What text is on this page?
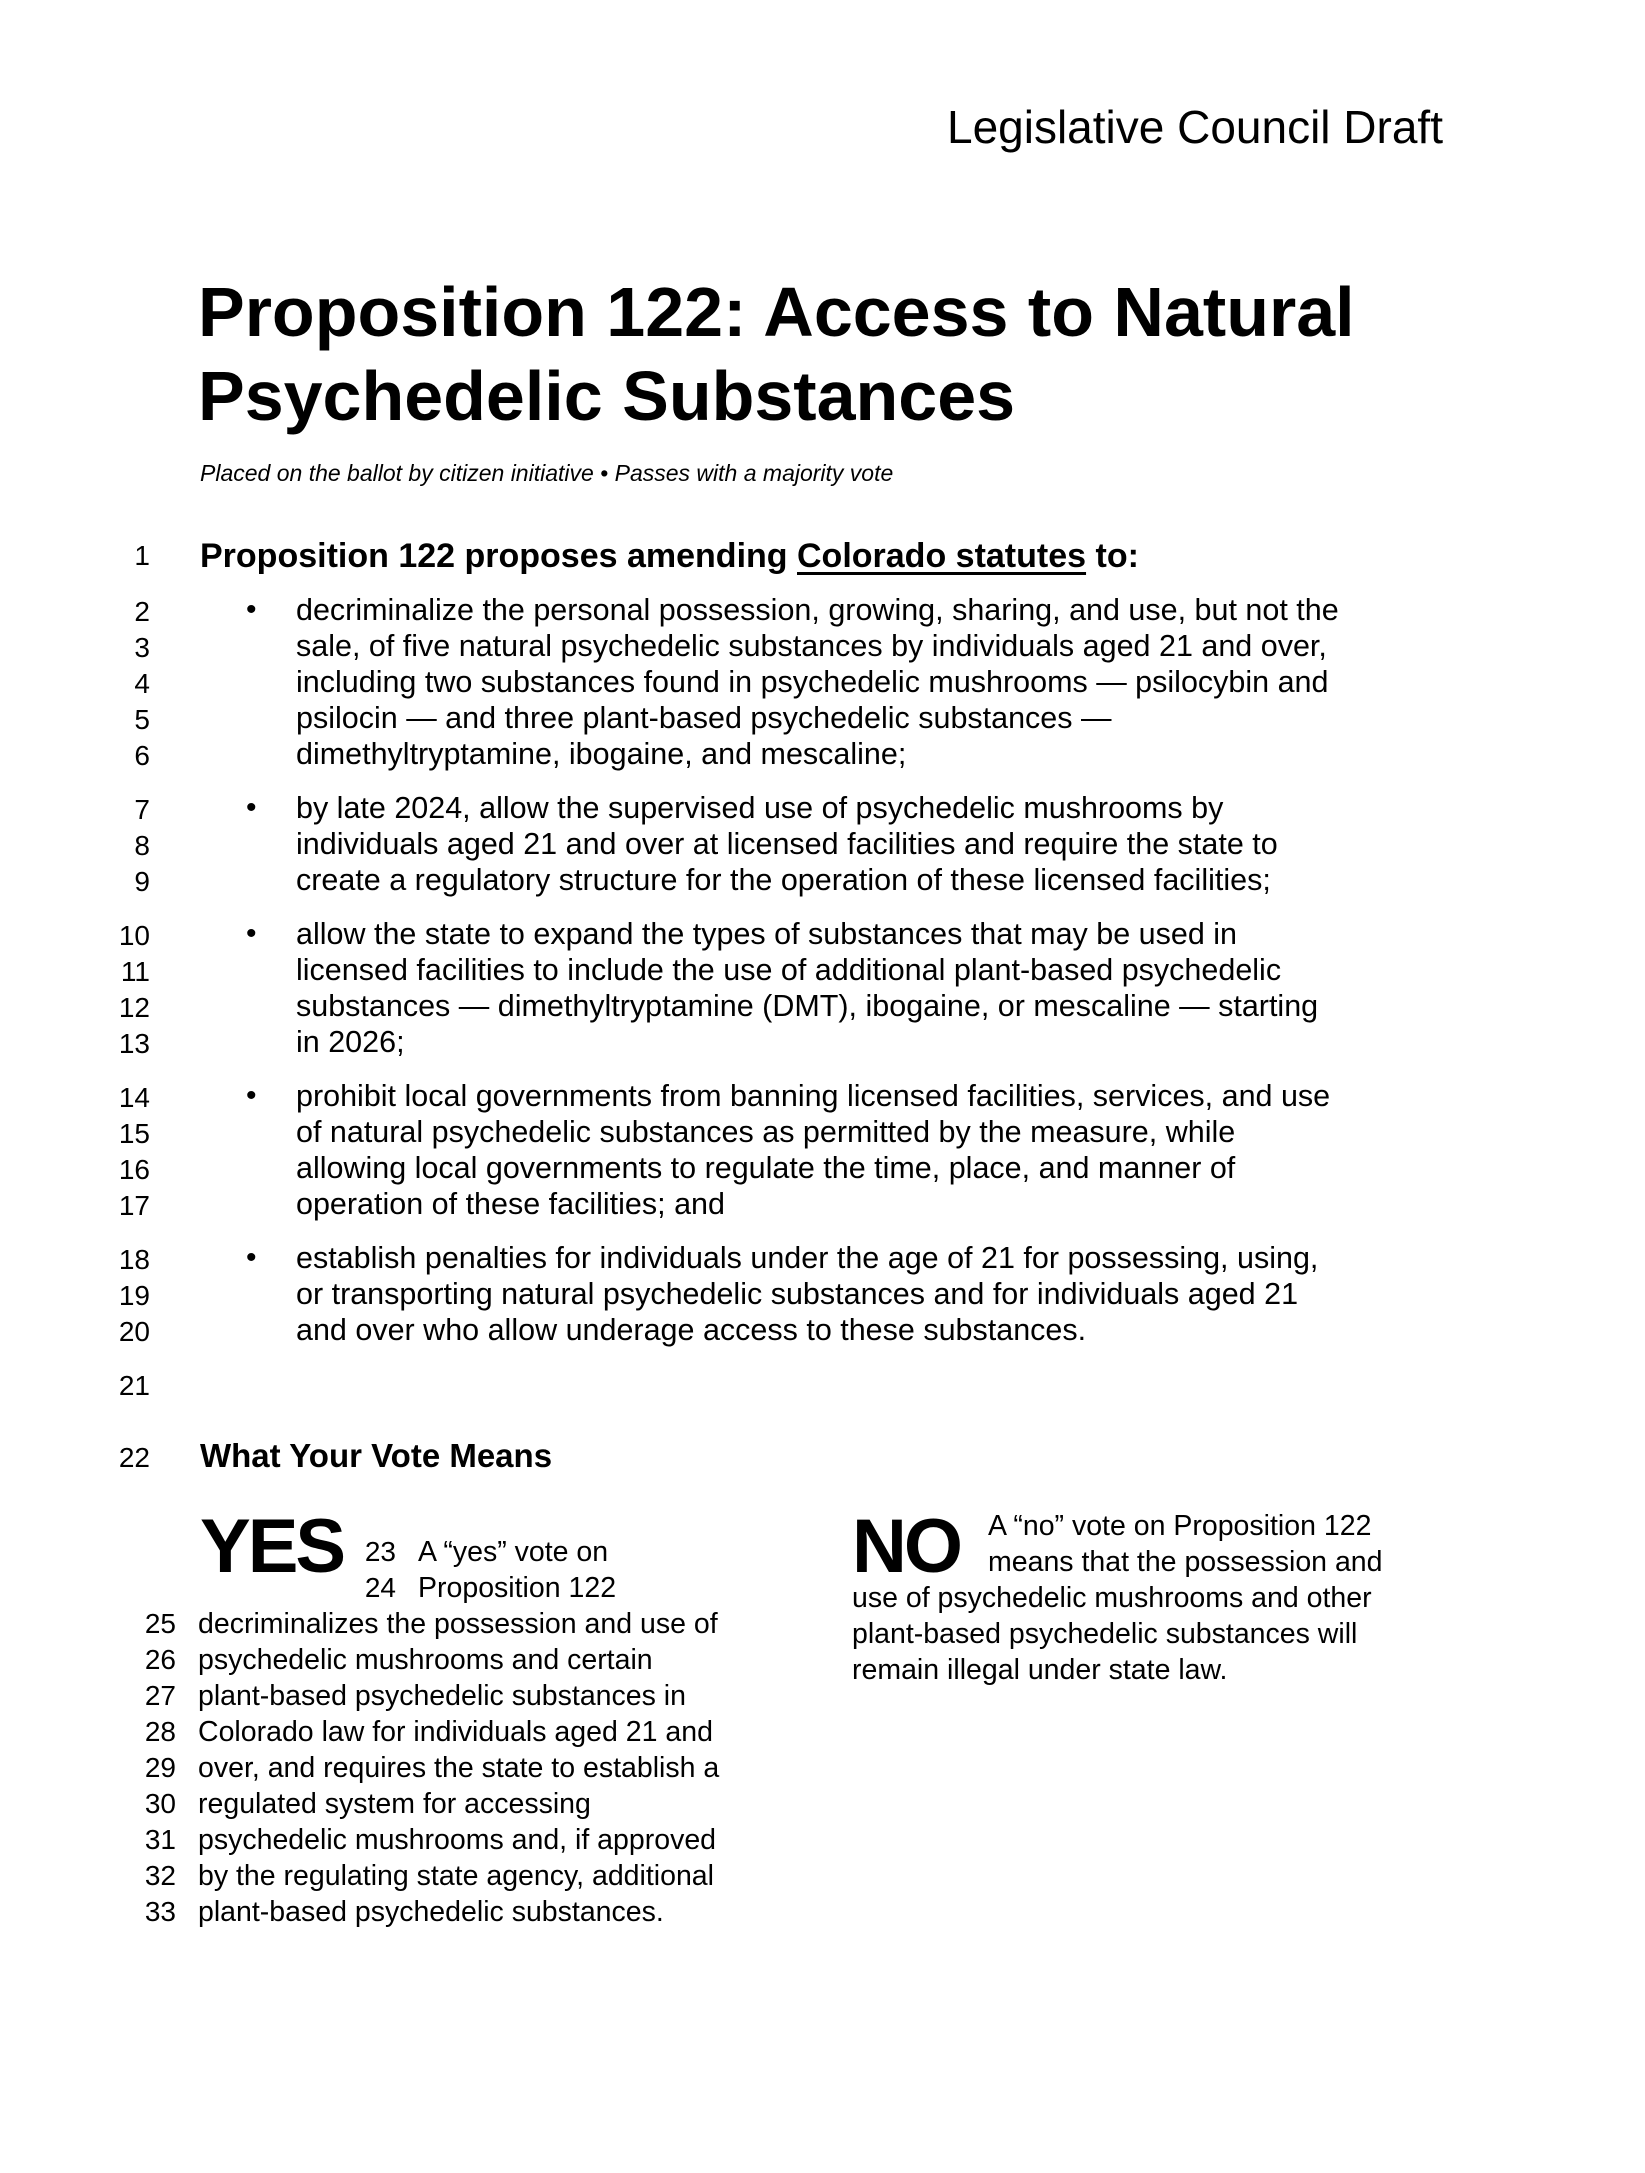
Legislative Council Draft
Proposition 122: Access to Natural
Psychedelic Substances
Placed on the ballot by citizen initiative • Passes with a majority vote
1
2
3
4
5
6
7
8
9
10
11
12
13
14
15
16
17
18
19
20
21
22
Proposition 122 proposes amending Colorado statutes to:
• decriminalize the personal possession, growing, sharing, and use, but not the
sale, of five natural psychedelic substances by individuals aged 21 and over,
including two substances found in psychedelic mushrooms — psilocybin and
psilocin — and three plant-based psychedelic substances —
dimethyltryptamine, ibogaine, and mescaline;
• by late 2024, allow the supervised use of psychedelic mushrooms by
individuals aged 21 and over at licensed facilities and require the state to
create a regulatory structure for the operation of these licensed facilities;
• allow the state to expand the types of substances that may be used in
licensed facilities to include the use of additional plant-based psychedelic
substances — dimethyltryptamine (DMT), ibogaine, or mescaline — starting
in 2026;
• prohibit local governments from banning licensed facilities, services, and use
of natural psychedelic substances as permitted by the measure, while
allowing local governments to regulate the time, place, and manner of
operation of these facilities; and
• establish penalties for individuals under the age of 21 for possessing, using,
or transporting natural psychedelic substances and for individuals aged 21
and over who allow underage access to these substances.
What Your Vote Means
YES 23 A “yes” vote on
24 Proposition 122
25
26
27
28
29
30
31
32
33
decriminalizes the possession and use of
psychedelic mushrooms and certain
plant-based psychedelic substances in
Colorado law for individuals aged 21 and
over, and requires the state to establish a
regulated system for accessing
psychedelic mushrooms and, if approved
by the regulating state agency, additional
plant-based psychedelic substances.
NO A “no” vote on Proposition 122
means that the possession and
use of psychedelic mushrooms and other
plant-based psychedelic substances will
remain illegal under state law.
